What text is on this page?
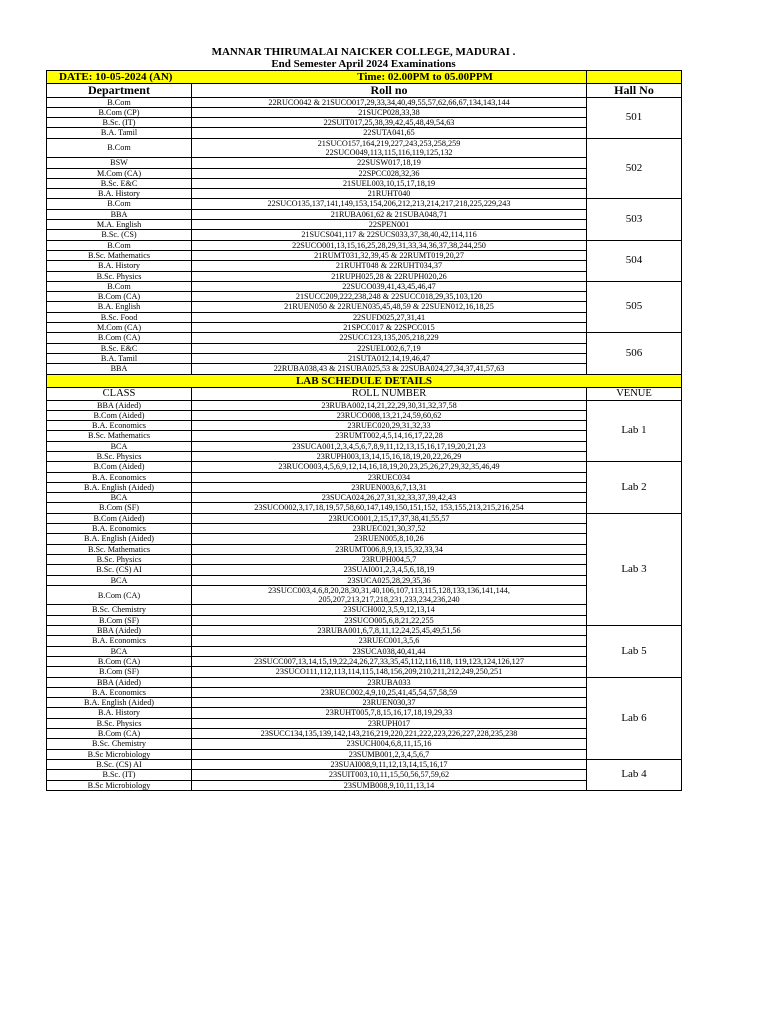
MANNAR THIRUMALAI NAICKER COLLEGE, MADURAI .
End Semester April 2024 Examinations
DATE: 10-05-2024 (AN) Time: 02.00PM to 05.00PPM		
Department	Roll no	Hall No
B.Com	22RUCO042 & 21SUCO017,29,33,34,40,49,55,57,62,66,67,134,143,144	501
B.Com (CP)	21SUCP028,33,38	
B.Sc. (IT)	22SUIT017,25,38,39,42,45,48,49,54,63	
B.A. Tamil	22SUTA041,65	
B.Com	21SUCO157,164,219,227,243,253,258,259
22SUCO049,113,115,116,119,125,132	502
BSW	22SUSW017,18,19	
M.Com (CA)	22SPCC028,32,36	
B.Sc. E&C	21SUEL003,10,15,17,18,19	
B.A. History	21RUHT040	
B.Com	22SUCO135,137,141,149,153,154,206,212,213,214,217,218,225,229,243	503
BBA	21RUBA061,62 & 21SUBA048,71	
M.A. English	22SPEN001	
B.Sc. (CS)	21SUCS041,117 & 22SUCS033,37,38,40,42,114,116	
B.Com	22SUCO001,13,15,16,25,28,29,31,33,34,36,37,38,244,250	504
B.Sc. Mathematics	21RUMT031,32,39,45 & 22RUMT019,20,27	
B.A. History	21RUHT048 & 22RUHT034,37	
B.Sc. Physics	21RUPH025,28 & 22RUPH020,26	
B.Com	22SUCO039,41,43,45,46,47	505
B.Com (CA)	21SUCC209,222,238,248 & 22SUCC018,29,35,103,120	
B.A. English	21RUEN050 & 22RUEN035,45,48,59 & 22SUEN012,16,18,25	
B.Sc. Food	22SUFD025,27,31,41	
M.Com (CA)	21SPCC017 & 22SPCC015	
B.Com (CA)	22SUCC123,135,205,218,229	506
B.Sc. E&C	22SUEL002,6,7,19	
B.A. Tamil	21SUTA012,14,19,46,47	
BBA	22RUBA038,43 & 21SUBA025,53 & 22SUBA024,27,34,37,41,57,63	
LAB SCHEDULE DETAILS		
CLASS	ROLL NUMBER	VENUE
BBA (Aided)	23RUBA002,14,21,22,29,30,31,32,37,58	Lab 1
B.Com (Aided)	23RUCO008,13,21,24,59,60,62	
B.A. Economics	23RUEC020,29,31,32,33	
B.Sc. Mathematics	23RUMT002,4,5,14,16,17,22,28	
BCA	23SUCA001,2,3,4,5,6,7,8,9,11,12,13,15,16,17,19,20,21,23	
B.Sc. Physics	23RUPH003,13,14,15,16,18,19,20,22,26,29	
B.Com (Aided)	23RUCO003,4,5,6,9,12,14,16,18,19,20,23,25,26,27,29,32,35,46,49	Lab 2
B.A. Economics	23RUEC034	
B.A. English (Aided)	23RUEN003,6,7,13,31	
BCA	23SUCA024,26,27,31,32,33,37,39,42,43	
B.Com (SF)	23SUCO002,3,17,18,19,57,58,60,147,149,150,151,152, 153,155,213,215,216,254	
B.Com (Aided)	23RUCO001,2,15,17,37,38,41,55,57	Lab 3
B.A. Economics	23RUEC021,30,37,52	
B.A. English (Aided)	23RUEN005,8,10,26	
B.Sc. Mathematics	23RUMT006,8,9,13,15,32,33,34	
B.Sc. Physics	23RUPH004,5,7	
B.Sc. (CS) AI	23SUAI001,2,3,4,5,6,18,19	
BCA	23SUCA025,28,29,35,36	
B.Com (CA)	23SUCC003,4,6,8,20,28,30,31,40,106,107,113,115,128,133,136,141,144,
205,207,213,217,218,231,233,234,236,240	
B.Sc. Chemistry	23SUCH002,3,5,9,12,13,14	
B.Com (SF)	23SUCO005,6,8,21,22,255	
BBA (Aided)	23RUBA001,6,7,8,11,12,24,25,45,49,51,56	Lab 5
B.A. Economics	23RUEC001,3,5,6	
BCA	23SUCA038,40,41,44	
B.Com (CA)	23SUCC007,13,14,15,19,22,24,26,27,33,35,45,112,116,118, 119,123,124,126,127	
B.Com (SF)	23SUCO111,112,113,114,115,148,156,209,210,211,212,249,250,251	
BBA (Aided)	23RUBA033	Lab 6
B.A. Economics	23RUEC002,4,9,10,25,41,45,54,57,58,59	
B.A. English (Aided)	23RUEN030,37	
B.A. History	23RUHT005,7,8,15,16,17,18,19,29,33	
B.Sc. Physics	23RUPH017	
B.Com (CA)	23SUCC134,135,139,142,143,216,219,220,221,222,223,226,227,228,235,238	
B.Sc. Chemistry	23SUCH004,6,8,11,15,16	
B.Sc Microbiology	23SUMB001,2,3,4,5,6,7	
B.Sc. (CS) AI	23SUAI008,9,11,12,13,14,15,16,17	Lab 4
B.Sc. (IT)	23SUIT003,10,11,15,50,56,57,59,62	
B.Sc Microbiology	23SUMB008,9,10,11,13,14	
